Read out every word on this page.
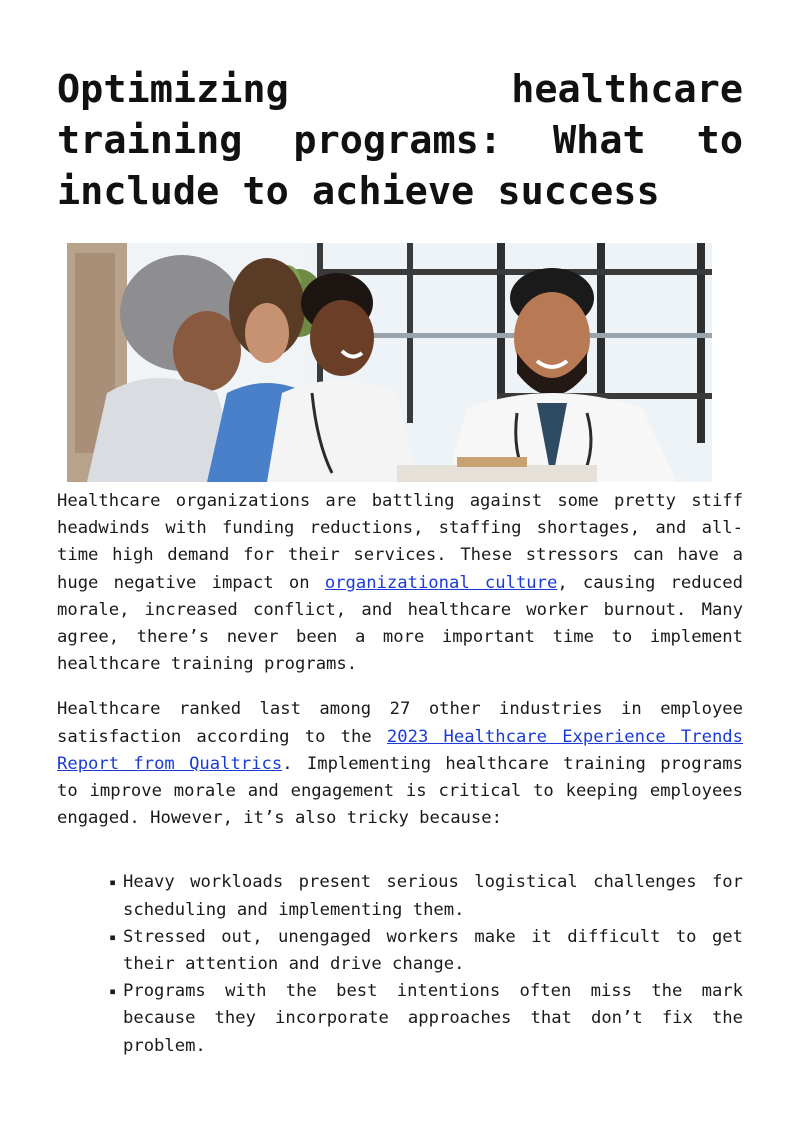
Optimizing healthcare training programs: What to include to achieve success

Healthcare organizations are battling against some pretty stiff headwinds with funding reductions, staffing shortages, and all-time high demand for their services. These stressors can have a huge negative impact on organizational culture, causing reduced morale, increased conflict, and healthcare worker burnout. Many agree, there’s never been a more important time to implement healthcare training programs.

Healthcare ranked last among 27 other industries in employee satisfaction according to the 2023 Healthcare Experience Trends Report from Qualtrics. Implementing healthcare training programs to improve morale and engagement is critical to keeping employees engaged. However, it’s also tricky because:

▪ Heavy workloads present serious logistical challenges for scheduling and implementing them.
▪ Stressed out, unengaged workers make it difficult to get their attention and drive change.
▪ Programs with the best intentions often miss the mark because they incorporate approaches that don’t fix the problem.
